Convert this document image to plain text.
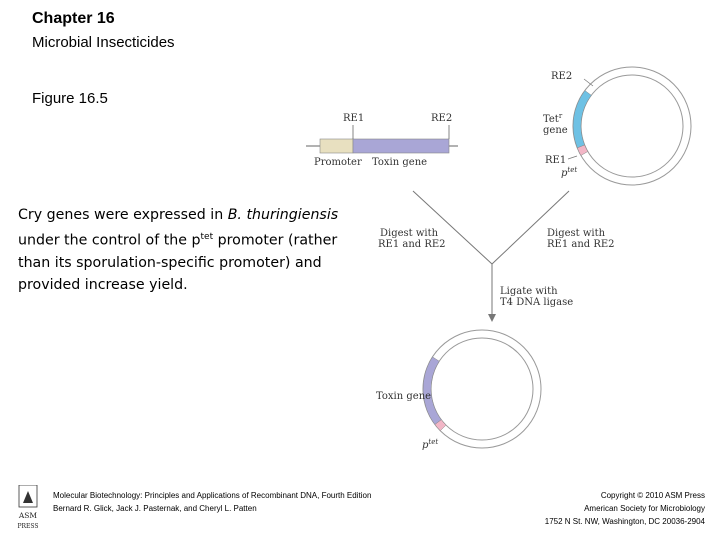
Chapter 16
Microbial Insecticides
Figure 16.5
Cry genes were expressed in B. thuringiensis under the control of the $p^{tet}$ promoter (rather than its sporulation-specific promoter) and provided increase yield.
RE1	RE2
Promoter Toxin gene
RE2
Tet$^r$
gene
RE1
$p^{tet}$
Digest with
RE1 and RE2
Digest with
RE1 and RE2
Ligate with
T4 DNA ligase
Toxin gene
$p^{tet}$
ASM
PRESS
Molecular Biotechnology: Principles and Applications of Recombinant DNA, Fourth Edition
Bernard R. Glick, Jack J. Pasternak, and Cheryl L. Patten
Copyright © 2010 ASM Press
American Society for Microbiology
1752 N St. NW, Washington, DC 20036-2904
